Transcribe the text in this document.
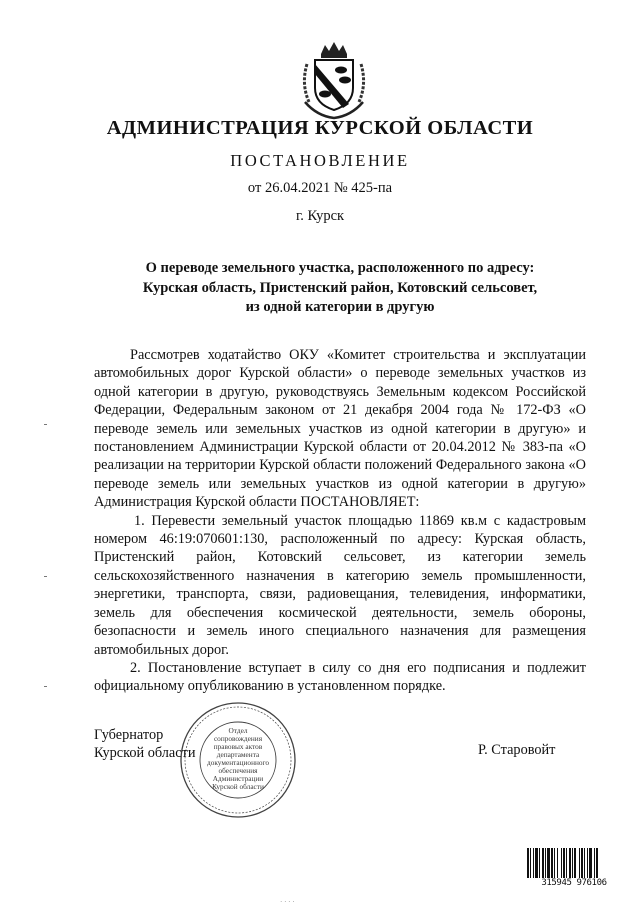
АДМИНИСТРАЦИЯ КУРСКОЙ ОБЛАСТИ
ПОСТАНОВЛЕНИЕ
от 26.04.2021 № 425-па
г. Курск
О переводе земельного участка, расположенного по адресу:
Курская область, Пристенский район, Котовский сельсовет,
из одной категории в другую

Рассмотрев ходатайство ОКУ «Комитет строительства и эксплуатации автомобильных дорог Курской области» о переводе земельных участков из одной категории в другую, руководствуясь Земельным кодексом Российской Федерации, Федеральным законом от 21 декабря 2004 года № 172-ФЗ «О переводе земель или земельных участков из одной категории в другую» и постановлением Администрации Курской области от 20.04.2012 № 383-па «О реализации на территории Курской области положений Федерального закона «О переводе земель или земельных участков из одной категории в другую» Администрация Курской области ПОСТАНОВЛЯЕТ:

1. Перевести земельный участок площадью 11869 кв.м с кадастровым номером 46:19:070601:130, расположенный по адресу: Курская область, Пристенский район, Котовский сельсовет, из категории земель сельскохозяйственного назначения в категорию земель промышленности, энергетики, транспорта, связи, радиовещания, телевидения, информатики, земель для обеспечения космической деятельности, земель обороны, безопасности и земель иного специального назначения для размещения автомобильных дорог.

2. Постановление вступает в силу со дня его подписания и подлежит официальному опубликованию в установленном порядке.

Отдел
сопровождения
правовых актов
департамента
документационного
обеспечения
Администрации
Курской области
Губернатор
Курской области	Р. Старовойт
315945 976106
· · · ·
